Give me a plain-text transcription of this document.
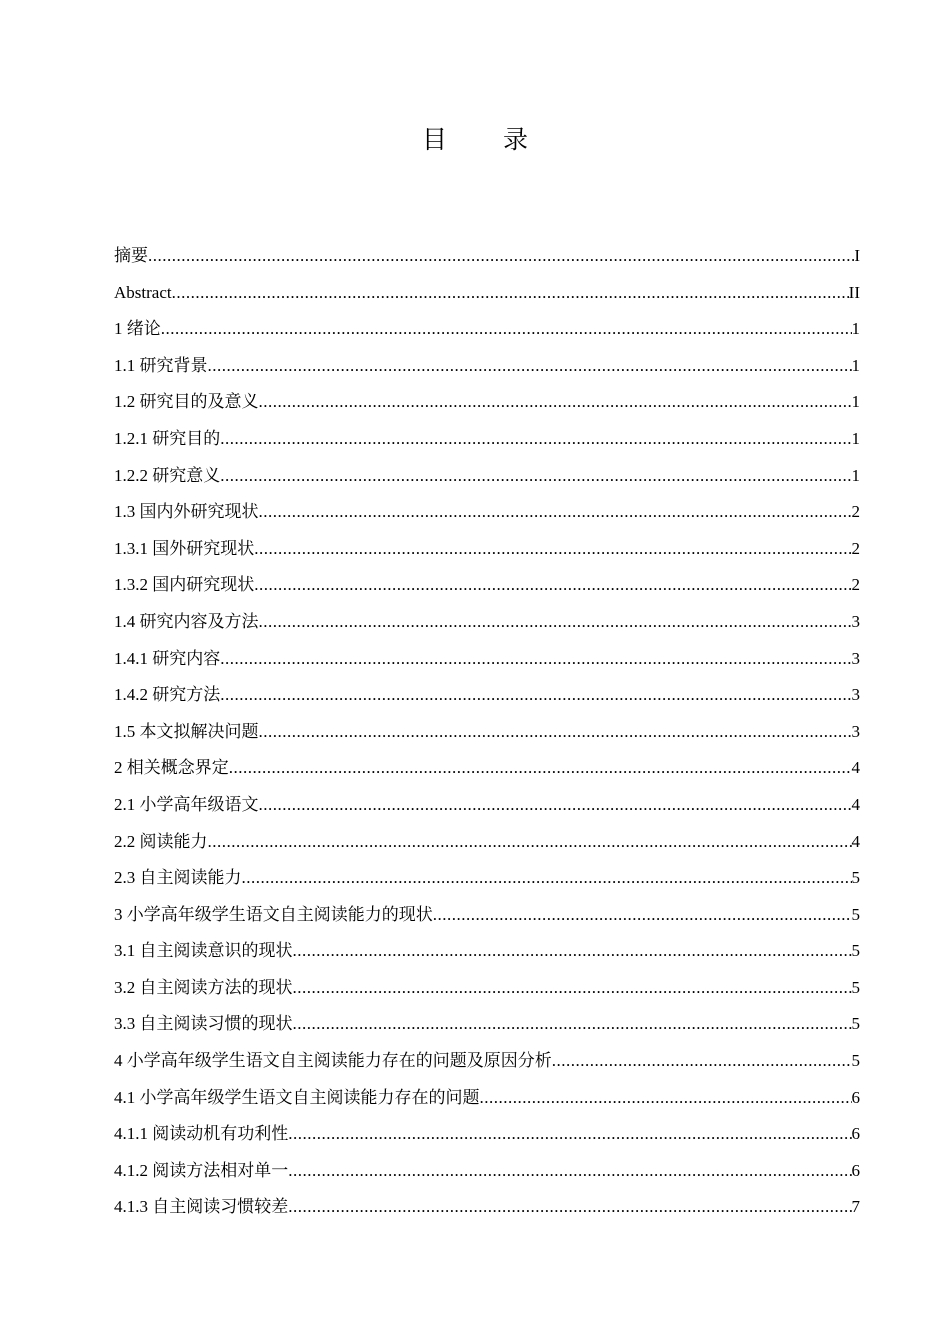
目 录
摘要 .....	I
Abstract .....	II
1 绪论 .....	1
1.1 研究背景 .....	1
1.2 研究目的及意义 .....	1
1.2.1 研究目的 .....	1
1.2.2 研究意义 .....	1
1.3 国内外研究现状 .....	2
1.3.1 国外研究现状 .....	2
1.3.2 国内研究现状 .....	2
1.4 研究内容及方法 .....	3
1.4.1 研究内容 .....	3
1.4.2 研究方法 .....	3
1.5 本文拟解决问题 .....	3
2 相关概念界定 .....	4
2.1 小学高年级语文 .....	4
2.2 阅读能力 .....	4
2.3 自主阅读能力 .....	5
3 小学高年级学生语文自主阅读能力的现状 .....	5
3.1 自主阅读意识的现状 .....	5
3.2 自主阅读方法的现状 .....	5
3.3 自主阅读习惯的现状 .....	5
4 小学高年级学生语文自主阅读能力存在的问题及原因分析 .....	5
4.1 小学高年级学生语文自主阅读能力存在的问题 .....	6
4.1.1 阅读动机有功利性 .....	6
4.1.2 阅读方法相对单一 .....	6
4.1.3 自主阅读习惯较差 .....	7
